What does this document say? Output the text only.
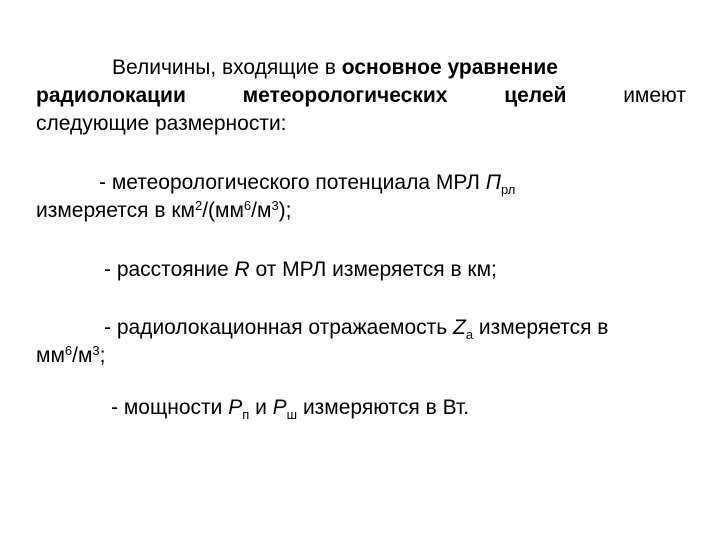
Величины, входящие в основное уравнение
радиолокации	метеорологических	целей	имеют
следующие размерности:
- метеорологического потенциала МРЛ $П_{рл}$
измеряется в $км^2/(мм^6/м^3)$;
- расстояние R от МРЛ измеряется в км;
- радиолокационная отражаемость $Z_a$ измеряется в
$мм^6/м^3$;
- мощности $P_п$ и $P_ш$ измеряются в Вт.
